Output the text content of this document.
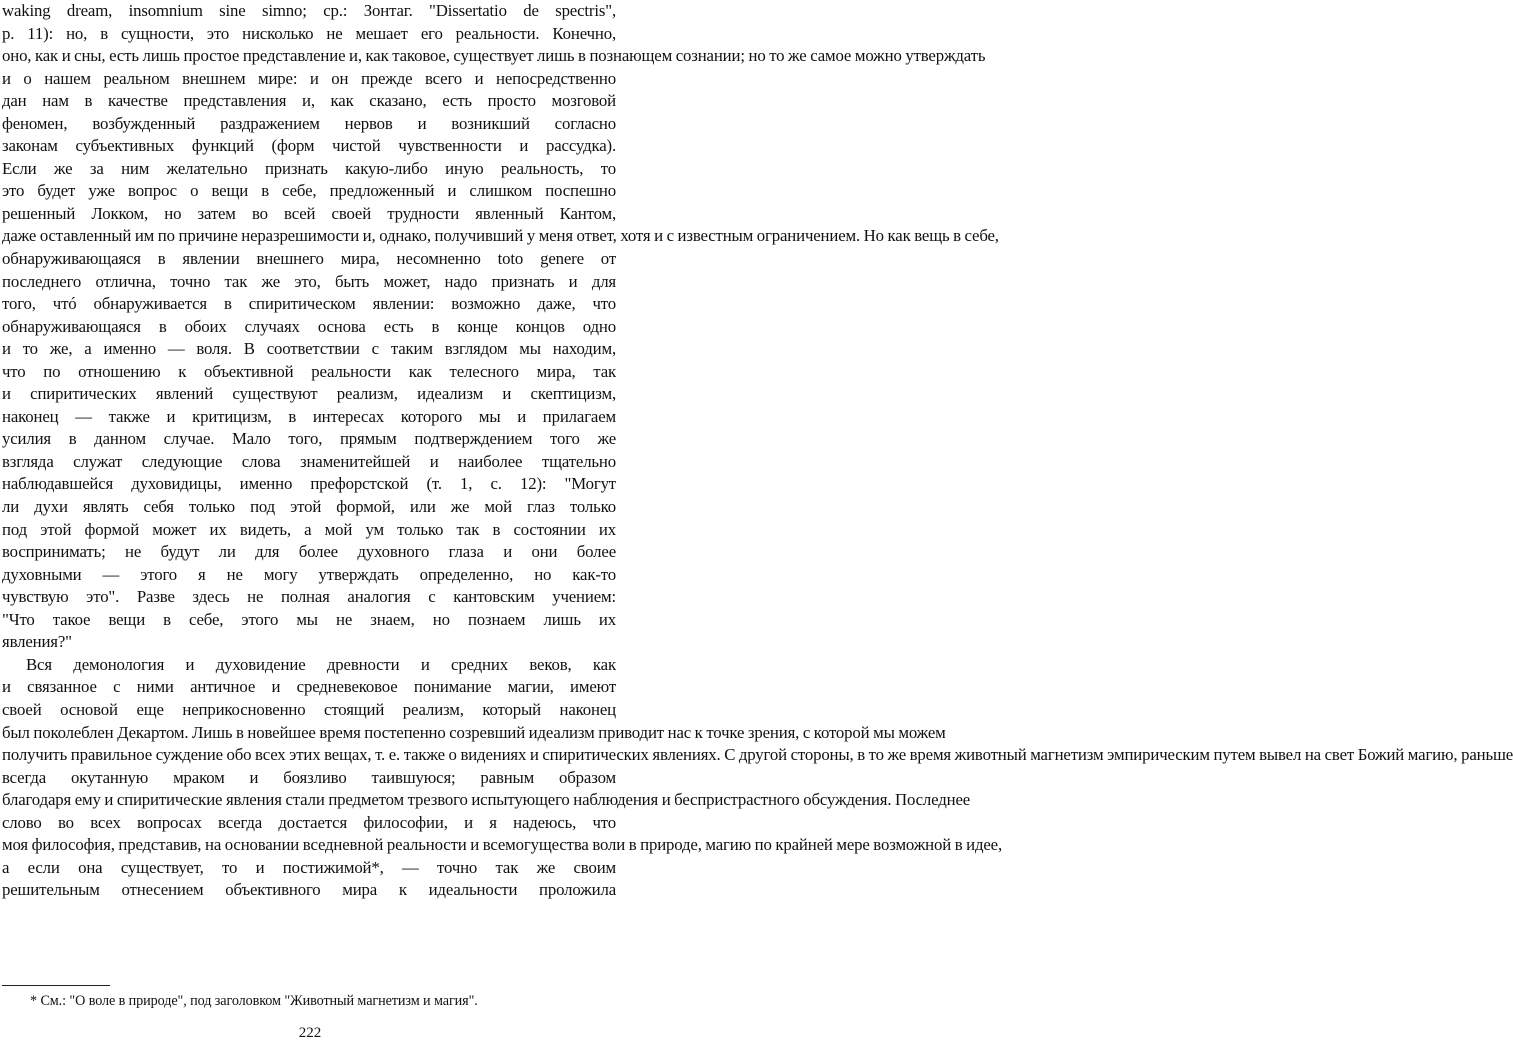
waking dream, insomnium sine simno; ср.: Зонтаг. "Dissertatio de spectris",
p. 11): но, в сущности, это нисколько не мешает его реальности. Конечно,
оно, как и сны, есть лишь простое представление и, как таковое, существует лишь в познающем сознании; но то же самое можно утверждать
и о нашем реальном внешнем мире: и он прежде всего и непосредственно
дан нам в качестве представления и, как сказано, есть просто мозговой
феномен, возбужденный раздражением нервов и возникший согласно
законам субъективных функций (форм чистой чувственности и рассудка).
Если же за ним желательно признать какую-либо иную реальность, то
это будет уже вопрос о вещи в себе, предложенный и слишком поспешно
решенный Локком, но затем во всей своей трудности явленный Кантом,
даже оставленный им по причине неразрешимости и, однако, получивший у меня ответ, хотя и с известным ограничением. Но как вещь в себе,
обнаруживающаяся в явлении внешнего мира, несомненно toto genere от
последнего отлична, точно так же это, быть может, надо признать и для
того, чтó обнаруживается в спиритическом явлении: возможно даже, что
обнаруживающаяся в обоих случаях основа есть в конце концов одно
и то же, а именно — воля. В соответствии с таким взглядом мы находим,
что по отношению к объективной реальности как телесного мира, так
и спиритических явлений существуют реализм, идеализм и скептицизм,
наконец — также и критицизм, в интересах которого мы и прилагаем
усилия в данном случае. Мало того, прямым подтверждением того же
взгляда служат следующие слова знаменитейшей и наиболее тщательно
наблюдавшейся духовидицы, именно префорстской (т. 1, с. 12): "Могут
ли духи являть себя только под этой формой, или же мой глаз только
под этой формой может их видеть, а мой ум только так в состоянии их
воспринимать; не будут ли для более духовного глаза и они более
духовными — этого я не могу утверждать определенно, но как-то
чувствую это". Разве здесь не полная аналогия с кантовским учением:
"Что такое вещи в себе, этого мы не знаем, но познаем лишь их
явления?"
Вся демонология и духовидение древности и средних веков, как
и связанное с ними античное и средневековое понимание магии, имеют
своей основой еще неприкосновенно стоящий реализм, который наконец
был поколеблен Декартом. Лишь в новейшее время постепенно созревший идеализм приводит нас к точке зрения, с которой мы можем
получить правильное суждение обо всех этих вещах, т. е. также о видениях и спиритических явлениях. С другой стороны, в то же время животный магнетизм эмпирическим путем вывел на свет Божий магию, раньше
всегда окутанную мраком и боязливо таившуюся; равным образом
благодаря ему и спиритические явления стали предметом трезвого испытующего наблюдения и беспристрастного обсуждения. Последнее
слово во всех вопросах всегда достается философии, и я надеюсь, что
моя философия, представив, на основании вседневной реальности и всемогущества воли в природе, магию по крайней мере возможной в идее,
а если она существует, то и постижимой*, — точно так же своим
решительным отнесением объективного мира к идеальности проложила
* См.: "О воле в природе", под заголовком "Животный магнетизм и магия".
222
